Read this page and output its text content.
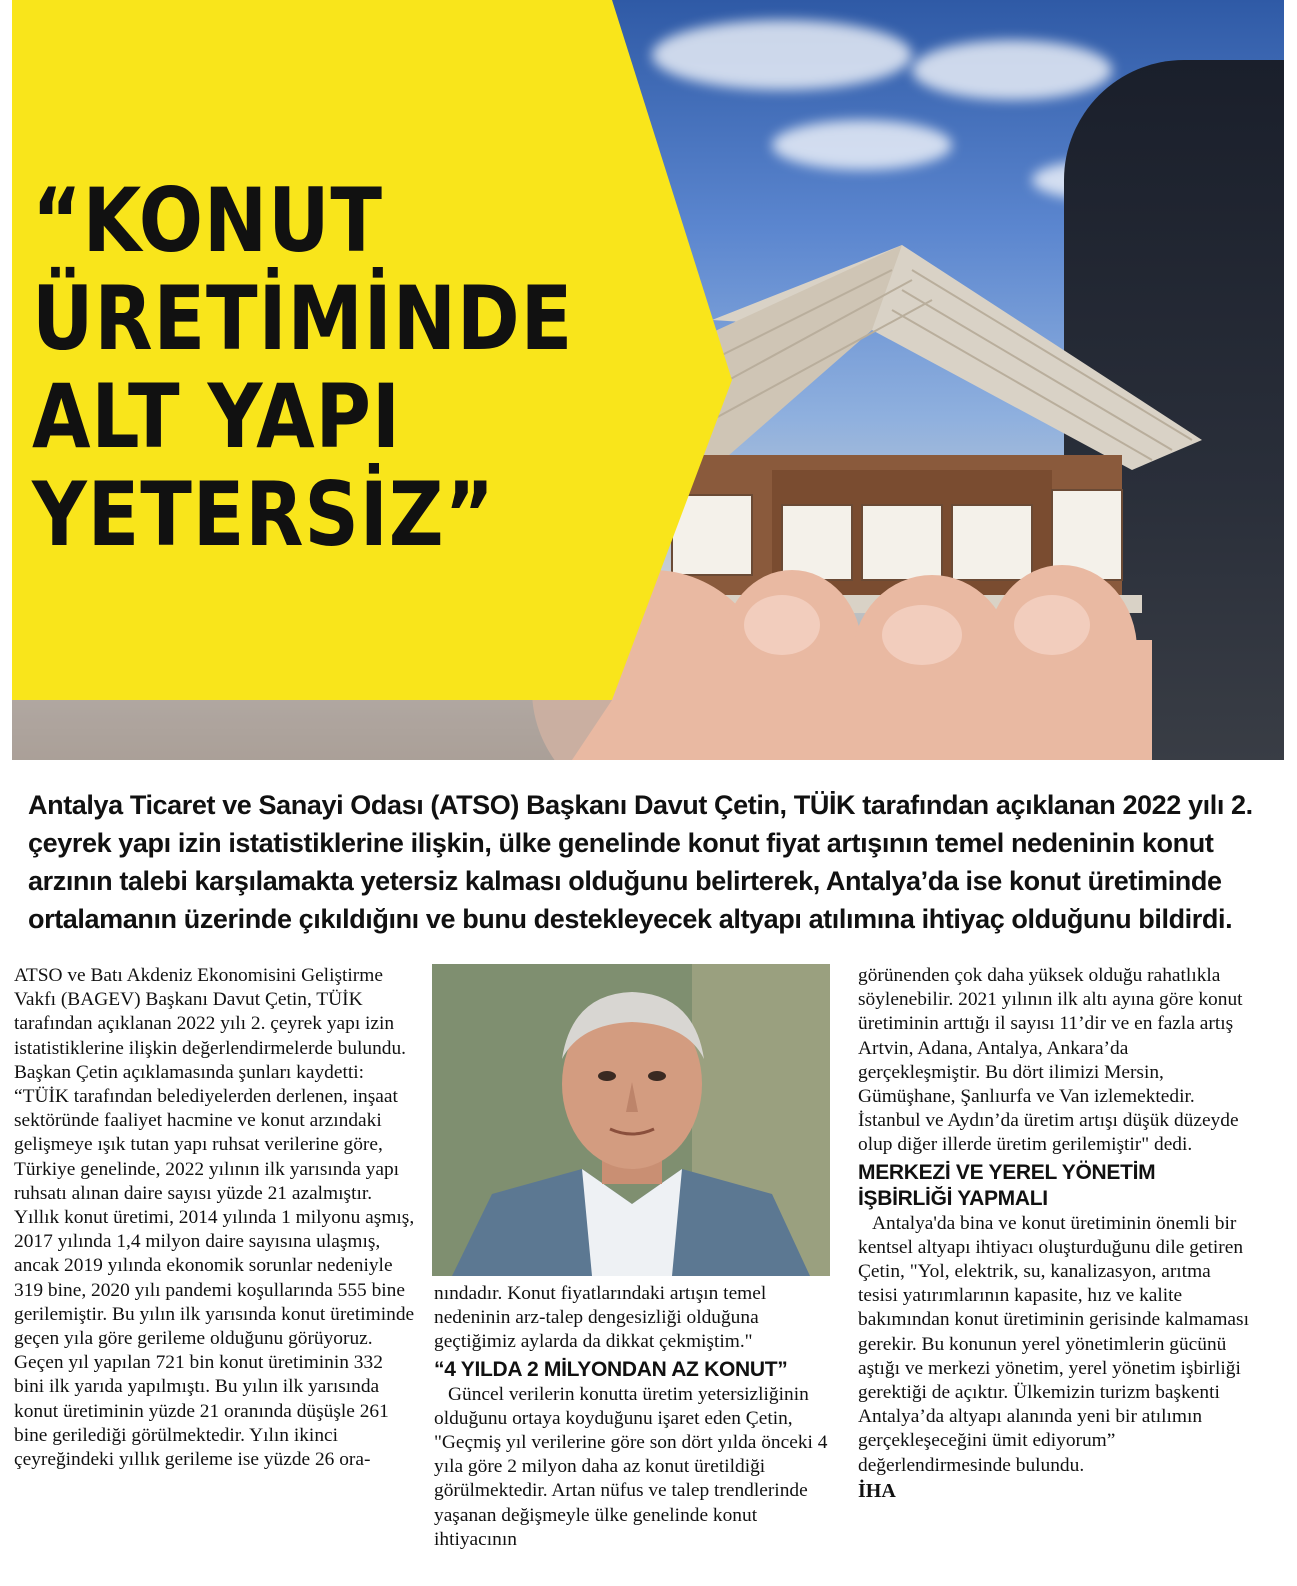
“KONUT
ÜRETİMİNDE
ALT YAPI
YETERSİZ”

Antalya Ticaret ve Sanayi Odası (ATSO) Başkanı Davut Çetin, TÜİK tarafından açıklanan 2022 yılı 2. çeyrek yapı izin istatistiklerine ilişkin, ülke genelinde konut fiyat artışının temel nedeninin konut arzının talebi karşılamakta yetersiz kalması olduğunu belirterek, Antalya’da ise konut üretiminde ortalamanın üzerinde çıkıldığını ve bunu destekleyecek altyapı atılımına ihtiyaç olduğunu bildirdi.

ATSO ve Batı Akdeniz Ekonomisini Geliştirme Vakfı (BAGEV) Başkanı Davut Çetin, TÜİK tarafından açıklanan 2022 yılı 2. çeyrek yapı izin istatistiklerine ilişkin değerlendirmelerde bulundu. Başkan Çetin açıklamasında şunları kaydetti: “TÜİK tarafından belediyelerden derlenen, inşaat sektöründe faaliyet hacmine ve konut arzındaki gelişmeye ışık tutan yapı ruhsat verilerine göre, Türkiye genelinde, 2022 yılının ilk yarısında yapı ruhsatı alınan daire sayısı yüzde 21 azalmıştır. Yıllık konut üretimi, 2014 yılında 1 milyonu aşmış, 2017 yılında 1,4 milyon daire sayısına ulaşmış, ancak 2019 yılında ekonomik sorunlar nedeniyle 319 bine, 2020 yılı pandemi koşullarında 555 bine gerilemiştir. Bu yılın ilk yarısında konut üretiminde geçen yıla göre gerileme olduğunu görüyoruz. Geçen yıl yapılan 721 bin konut üretiminin 332 bini ilk yarıda yapılmıştı. Bu yılın ilk yarısında konut üretiminin yüzde 21 oranında düşüşle 261 bine gerilediği görülmektedir. Yılın ikinci çeyreğindeki yıllık gerileme ise yüzde 26 ora-

nındadır. Konut fiyatlarındaki artışın temel nedeninin arz-talep dengesizliği olduğuna geçtiğimiz aylarda da dikkat çekmiştim."

“4 YILDA 2 MİLYONDAN AZ KONUT”

Güncel verilerin konutta üretim yetersizliğinin olduğunu ortaya koyduğunu işaret eden Çetin, "Geçmiş yıl verilerine göre son dört yılda önceki 4 yıla göre 2 milyon daha az konut üretildiği görülmektedir. Artan nüfus ve talep trendlerinde yaşanan değişmeyle ülke genelinde konut ihtiyacının

görünenden çok daha yüksek olduğu rahatlıkla söylenebilir. 2021 yılının ilk altı ayına göre konut üretiminin arttığı il sayısı 11’dir ve en fazla artış Artvin, Adana, Antalya, Ankara’da gerçekleşmiştir. Bu dört ilimizi Mersin, Gümüşhane, Şanlıurfa ve Van izlemektedir. İstanbul ve Aydın’da üretim artışı düşük düzeyde olup diğer illerde üretim gerilemiştir" dedi.

MERKEZİ VE YEREL YÖNETİM İŞBİRLİĞİ YAPMALI

Antalya'da bina ve konut üretiminin önemli bir kentsel altyapı ihtiyacı oluşturduğunu dile getiren Çetin, "Yol, elektrik, su, kanalizasyon, arıtma tesisi yatırımlarının kapasite, hız ve kalite bakımından konut üretiminin gerisinde kalmaması gerekir. Bu konunun yerel yönetimlerin gücünü aştığı ve merkezi yönetim, yerel yönetim işbirliği gerektiği de açıktır. Ülkemizin turizm başkenti Antalya’da altyapı alanında yeni bir atılımın gerçekleşeceğini ümit ediyorum” değerlendirmesinde bulundu.

İHA
